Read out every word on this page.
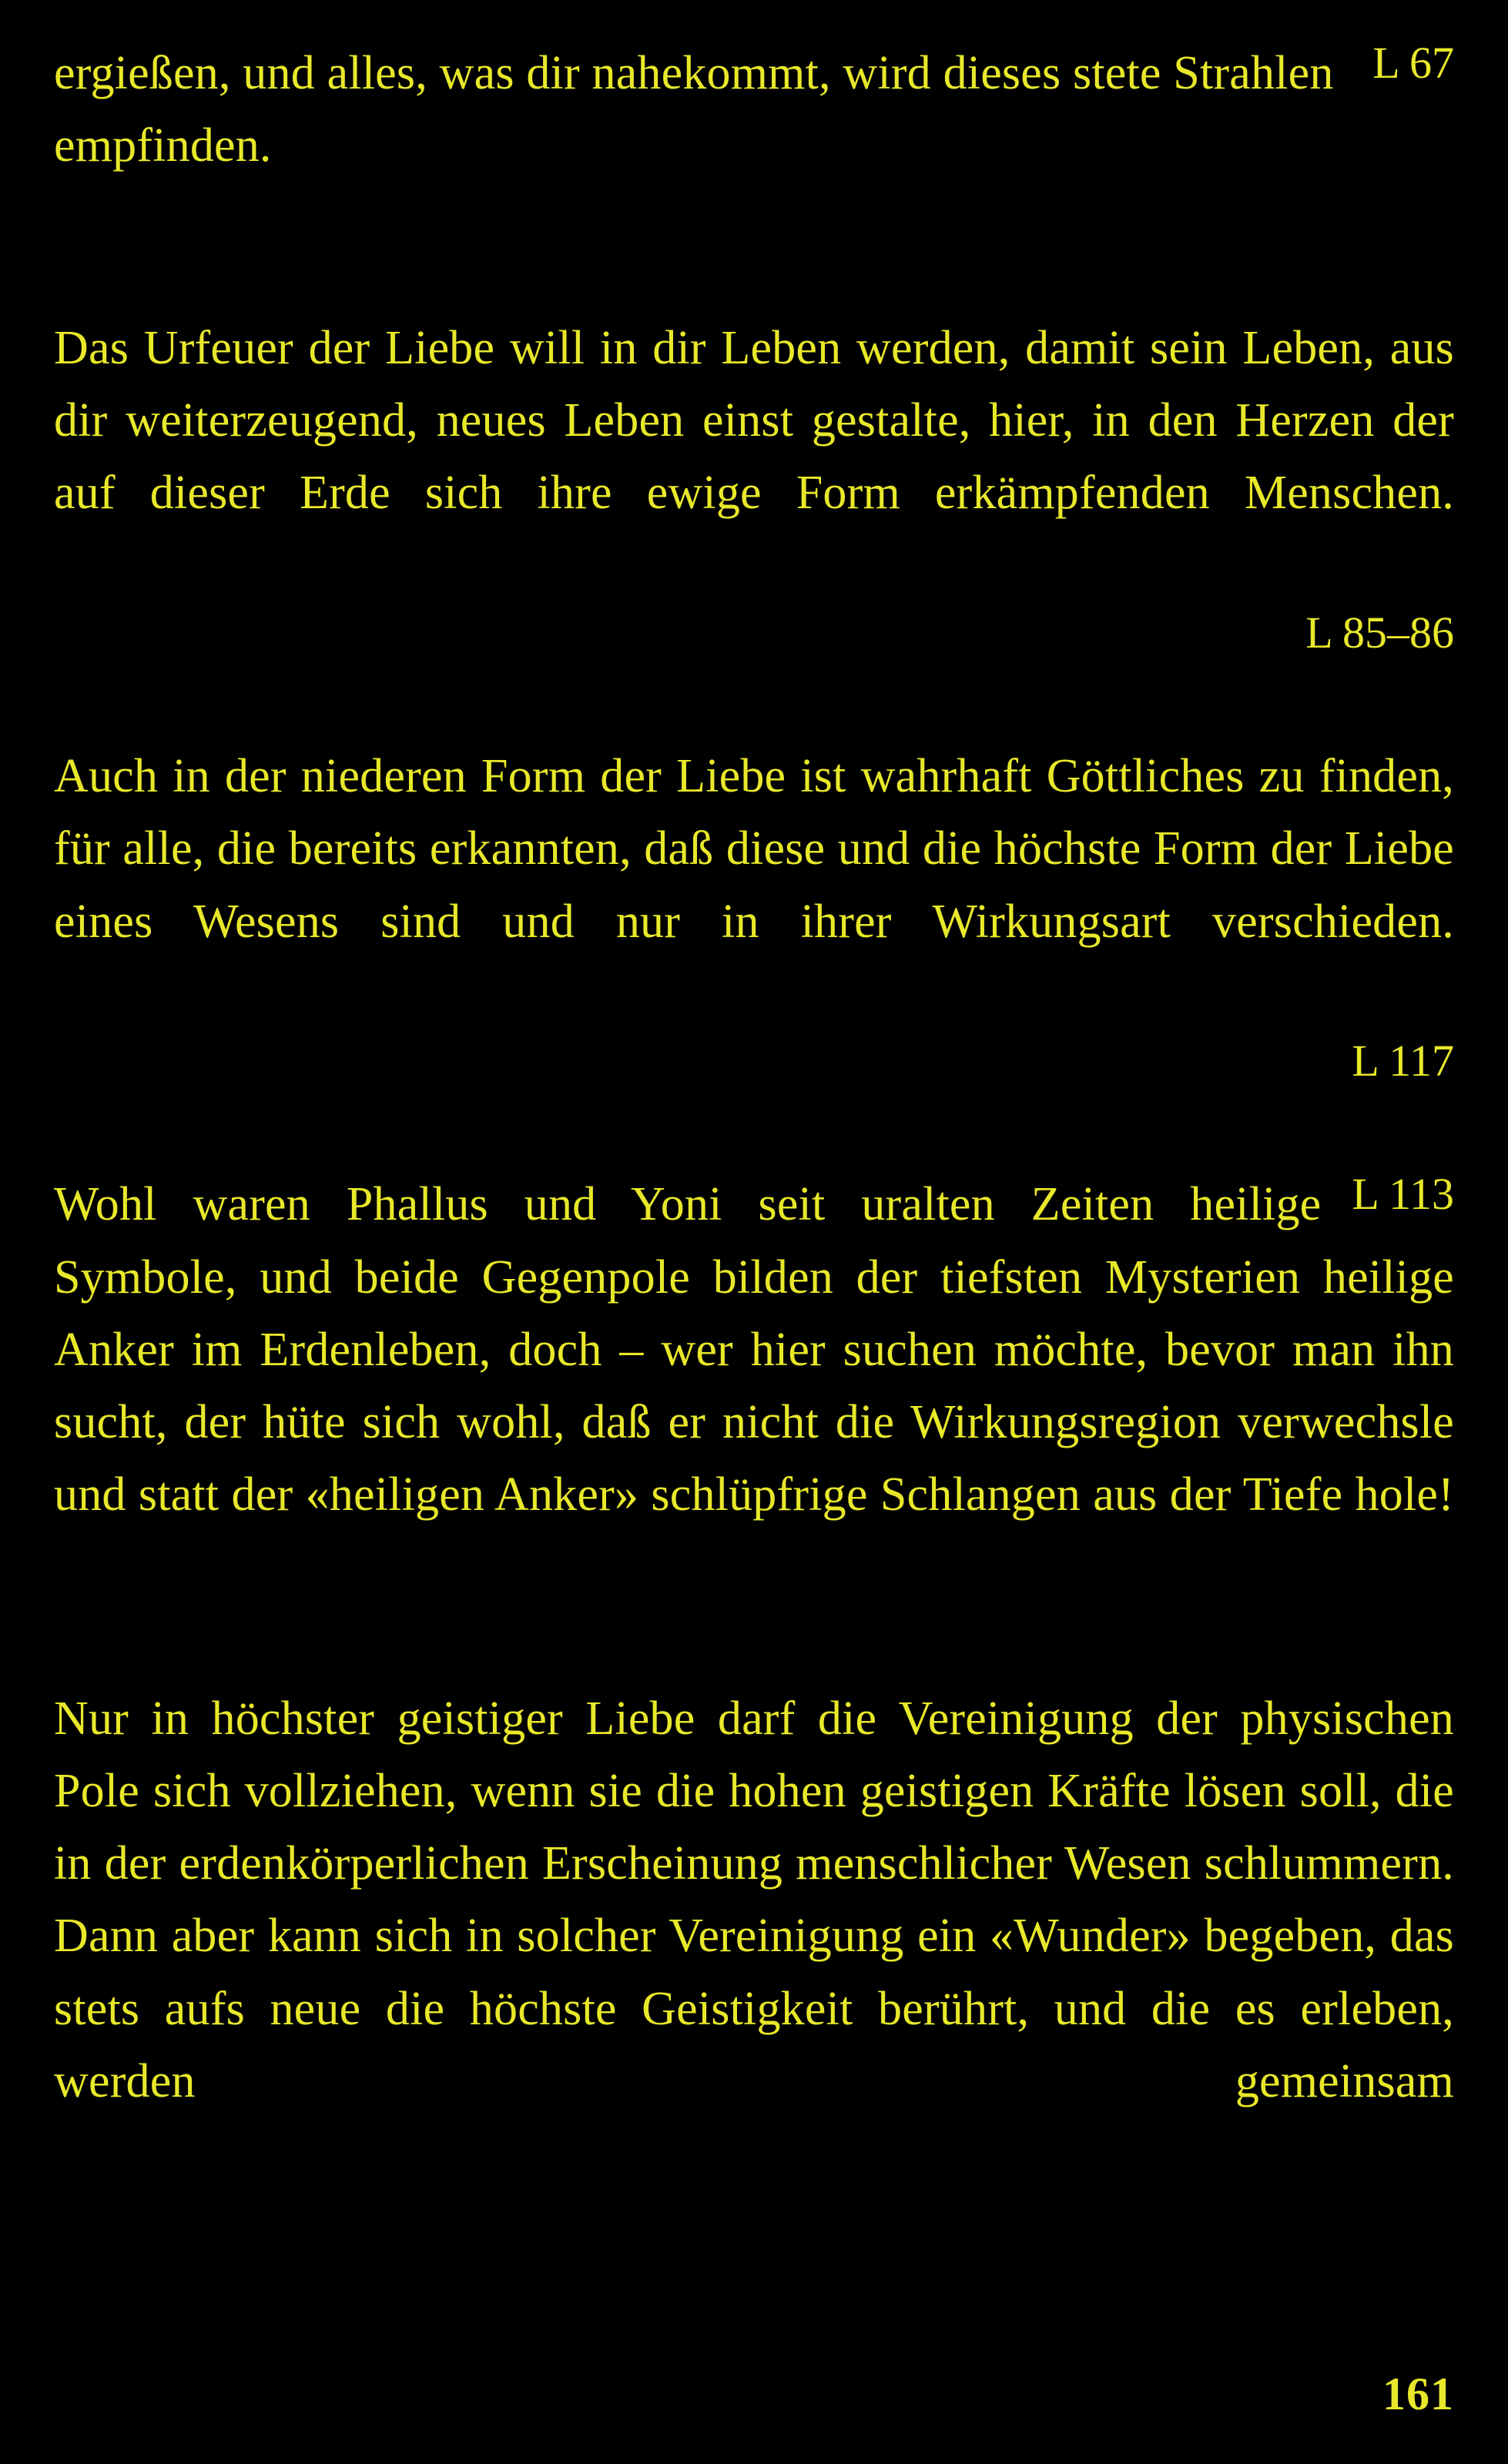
L 67

ergießen, und alles, was dir nahekommt, wird dieses stete Strahlen empfinden.

Das Urfeuer der Liebe will in dir Leben werden, damit sein Leben, aus dir weiterzeugend, neues Leben einst gestalte, hier, in den Herzen der auf dieser Erde sich ihre ewige Form erkämpfenden Menschen.

L 85–86

Auch in der niederen Form der Liebe ist wahrhaft Göttliches zu finden, für alle, die bereits erkannten, daß diese und die höchste Form der Liebe eines Wesens sind und nur in ihrer Wirkungsart verschieden.

L 117
L 113

Wohl waren Phallus und Yoni seit uralten Zeiten heilige Symbole, und beide Gegenpole bilden der tiefsten Mysterien heilige Anker im Erdenleben, doch – wer hier suchen möchte, bevor man ihn sucht, der hüte sich wohl, daß er nicht die Wirkungsregion verwechsle und statt der «heiligen Anker» schlüpfrige Schlangen aus der Tiefe hole!

Nur in höchster geistiger Liebe darf die Vereinigung der physischen Pole sich vollziehen, wenn sie die hohen geistigen Kräfte lösen soll, die in der erdenkörperlichen Erscheinung menschlicher Wesen schlummern. Dann aber kann sich in solcher Vereinigung ein «Wunder» begeben, das stets aufs neue die höchste Geistigkeit berührt, und die es erleben, werden gemeinsam

161
